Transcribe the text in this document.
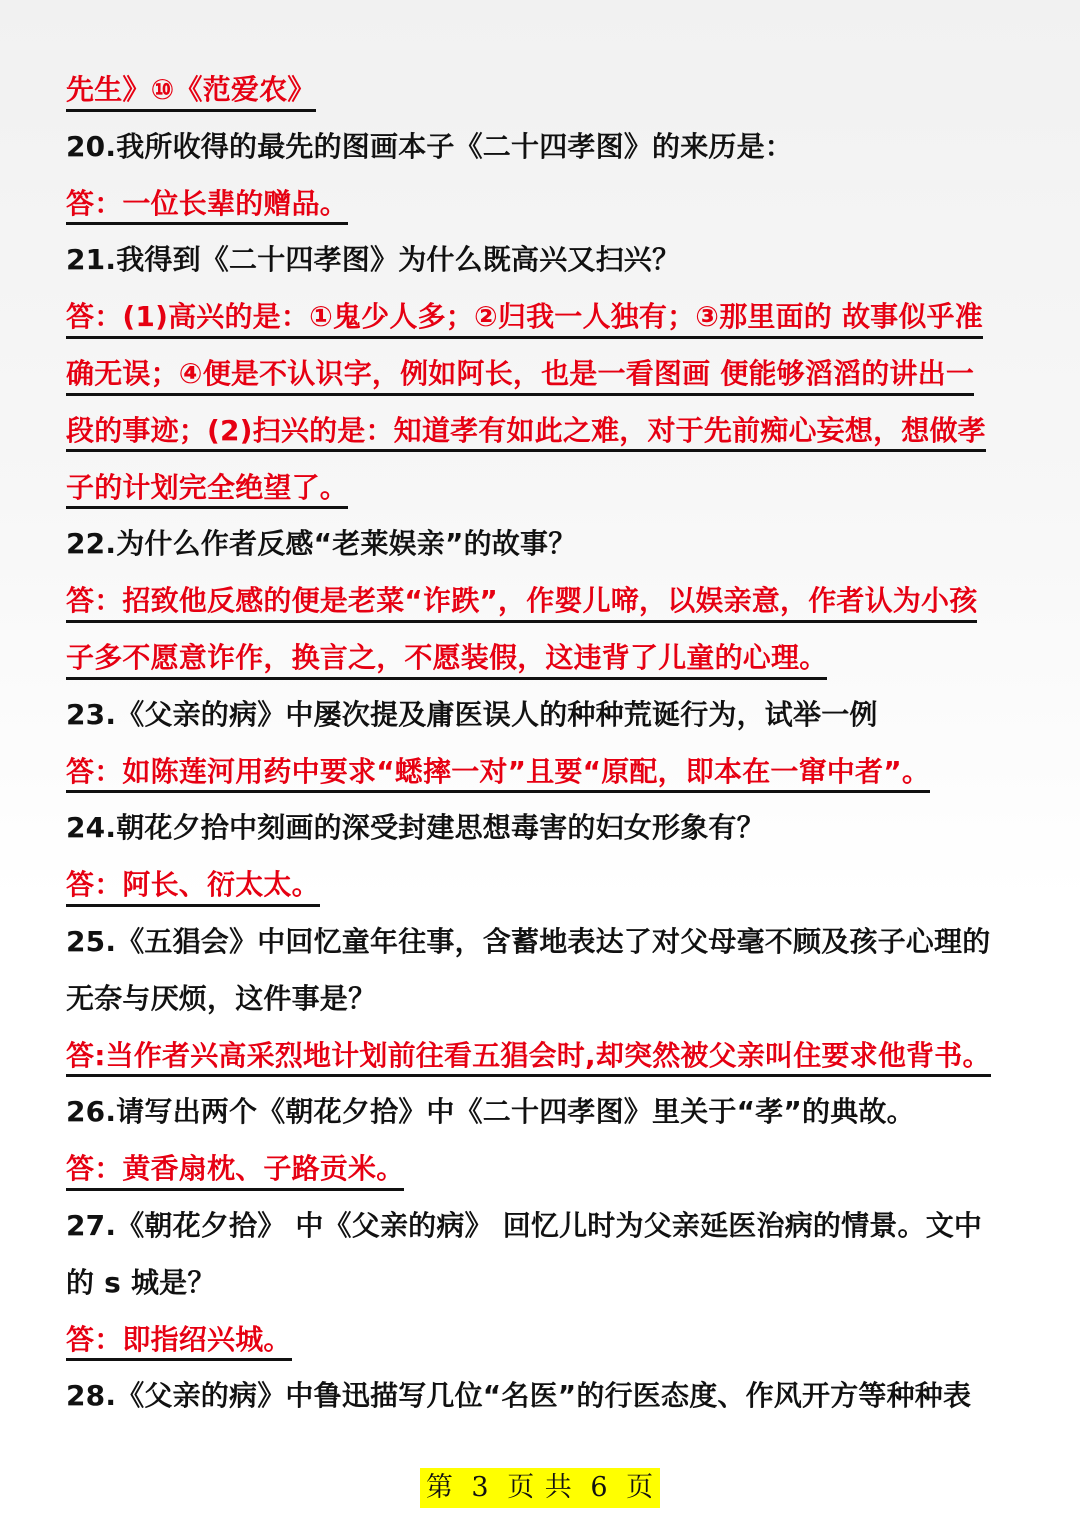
先生》⑩《范爱农》
20.我所收得的最先的图画本子《二十四孝图》的来历是：
答：一位长辈的赠品。
21.我得到《二十四孝图》为什么既高兴又扫兴？
答：(1)高兴的是：①鬼少人多；②归我一人独有；③那里面的 故事似乎准
确无误；④便是不认识字，例如阿长，也是一看图画 便能够滔滔的讲出一
段的事迹；(2)扫兴的是：知道孝有如此之难，对于先前痴心妄想，想做孝
子的计划完全绝望了。
22.为什么作者反感“老莱娱亲”的故事？
答：招致他反感的便是老菜“诈跌”，作婴儿啼，以娱亲意，作者认为小孩
子多不愿意诈作，换言之，不愿装假，这违背了儿童的心理。
23.《父亲的病》中屡次提及庸医误人的种种荒诞行为，试举一例
答：如陈莲河用药中要求“蟋摔一对”且要“原配，即本在一窜中者”。
24.朝花夕拾中刻画的深受封建思想毒害的妇女形象有？
答：阿长、衍太太。
25.《五猖会》中回忆童年往事，含蓄地表达了对父母毫不顾及孩子心理的
无奈与厌烦，这件事是？
答:当作者兴高采烈地计划前往看五猖会时,却突然被父亲叫住要求他背书。
26.请写出两个《朝花夕拾》中《二十四孝图》里关于“孝”的典故。
答：黄香扇枕、子路贡米。
27.《朝花夕拾》 中《父亲的病》 回忆儿时为父亲延医治病的情景。文中
的 s 城是？
答：即指绍兴城。
28.《父亲的病》中鲁迅描写几位“名医”的行医态度、作风开方等种种表
第 3 页 共 6 页
